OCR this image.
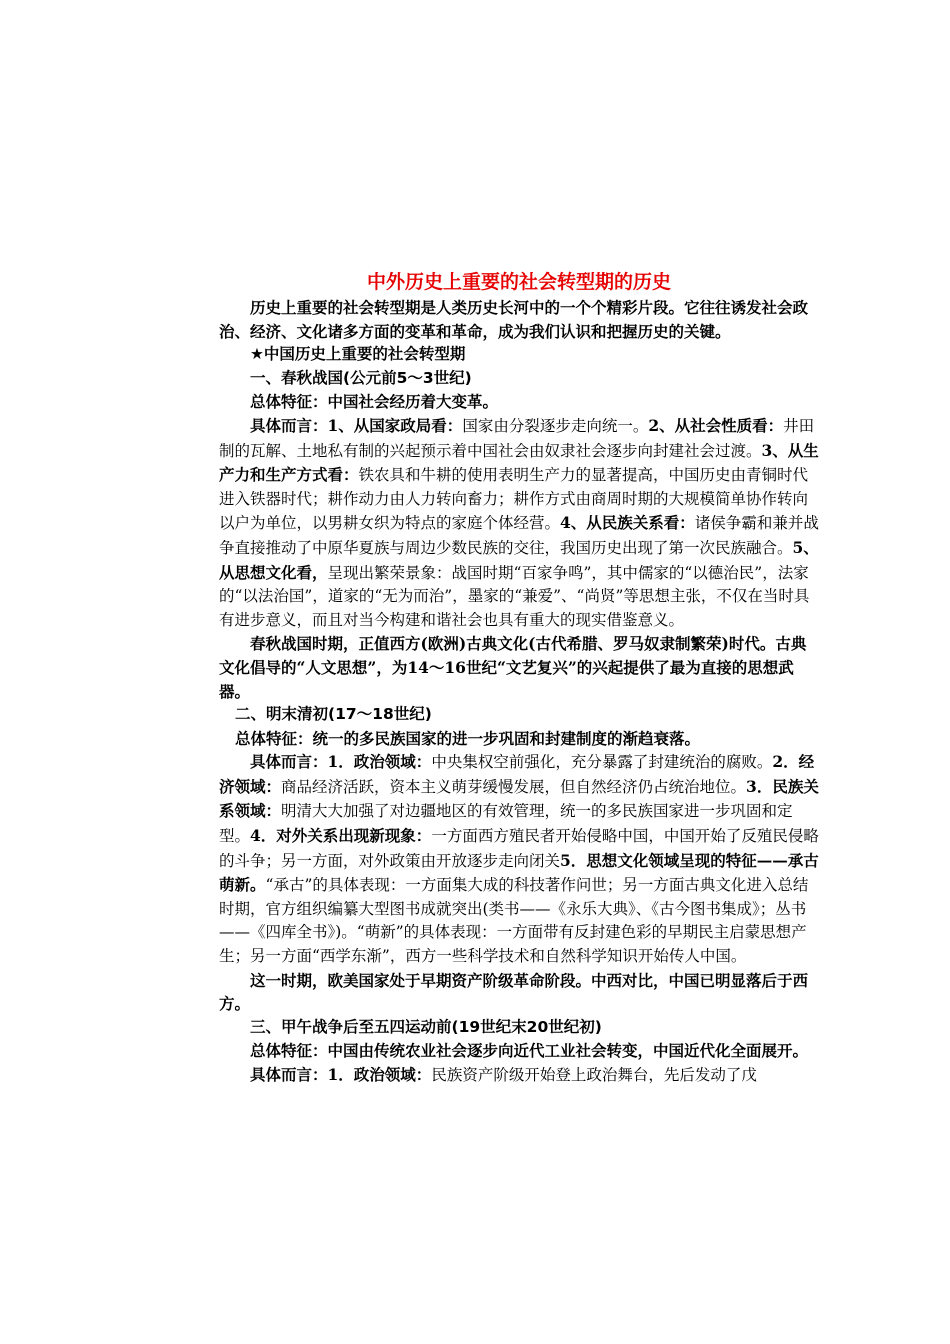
中外历史上重要的社会转型期的历史

历史上重要的社会转型期是人类历史长河中的一个个精彩片段。它往往诱发社会政治、经济、文化诸多方面的变革和革命，成为我们认识和把握历史的关键。

★中国历史上重要的社会转型期

一、春秋战国(公元前5～3世纪)

总体特征：中国社会经历着大变革。

具体而言：1、从国家政局看：国家由分裂逐步走向统一。2、从社会性质看：井田制的瓦解、土地私有制的兴起预示着中国社会由奴隶社会逐步向封建社会过渡。3、从生产力和生产方式看：铁农具和牛耕的使用表明生产力的显著提高，中国历史由青铜时代进入铁器时代；耕作动力由人力转向畜力；耕作方式由商周时期的大规模简单协作转向以户为单位，以男耕女织为特点的家庭个体经营。4、从民族关系看：诸侯争霸和兼并战争直接推动了中原华夏族与周边少数民族的交往，我国历史出现了第一次民族融合。5、从思想文化看，呈现出繁荣景象：战国时期“百家争鸣”，其中儒家的“以德治民”，法家的“以法治国”，道家的“无为而治”，墨家的“兼爱”、“尚贤”等思想主张，不仅在当时具有进步意义，而且对当今构建和谐社会也具有重大的现实借鉴意义。

春秋战国时期，正值西方(欧洲)古典文化(古代希腊、罗马奴隶制繁荣)时代。古典文化倡导的“人文思想”，为14～16世纪“文艺复兴”的兴起提供了最为直接的思想武器。

二、明末清初(17～18世纪)

总体特征：统一的多民族国家的进一步巩固和封建制度的渐趋衰落。

具体而言：1．政治领域：中央集权空前强化，充分暴露了封建统治的腐败。2．经济领域：商品经济活跃，资本主义萌芽缓慢发展，但自然经济仍占统治地位。3．民族关系领域：明清大大加强了对边疆地区的有效管理，统一的多民族国家进一步巩固和定型。4．对外关系出现新现象：一方面西方殖民者开始侵略中国，中国开始了反殖民侵略的斗争；另一方面，对外政策由开放逐步走向闭关5．思想文化领域呈现的特征——承古萌新。“承古”的具体表现：一方面集大成的科技著作问世；另一方面古典文化进入总结时期，官方组织编纂大型图书成就突出(类书——《永乐大典》、《古今图书集成》；丛书——《四库全书》)。“萌新”的具体表现：一方面带有反封建色彩的早期民主启蒙思想产生；另一方面“西学东渐”，西方一些科学技术和自然科学知识开始传人中国。

这一时期，欧美国家处于早期资产阶级革命阶段。中西对比，中国已明显落后于西方。

三、甲午战争后至五四运动前(19世纪末20世纪初)

总体特征：中国由传统农业社会逐步向近代工业社会转变，中国近代化全面展开。

具体而言：1．政治领域：民族资产阶级开始登上政治舞台，先后发动了戊
